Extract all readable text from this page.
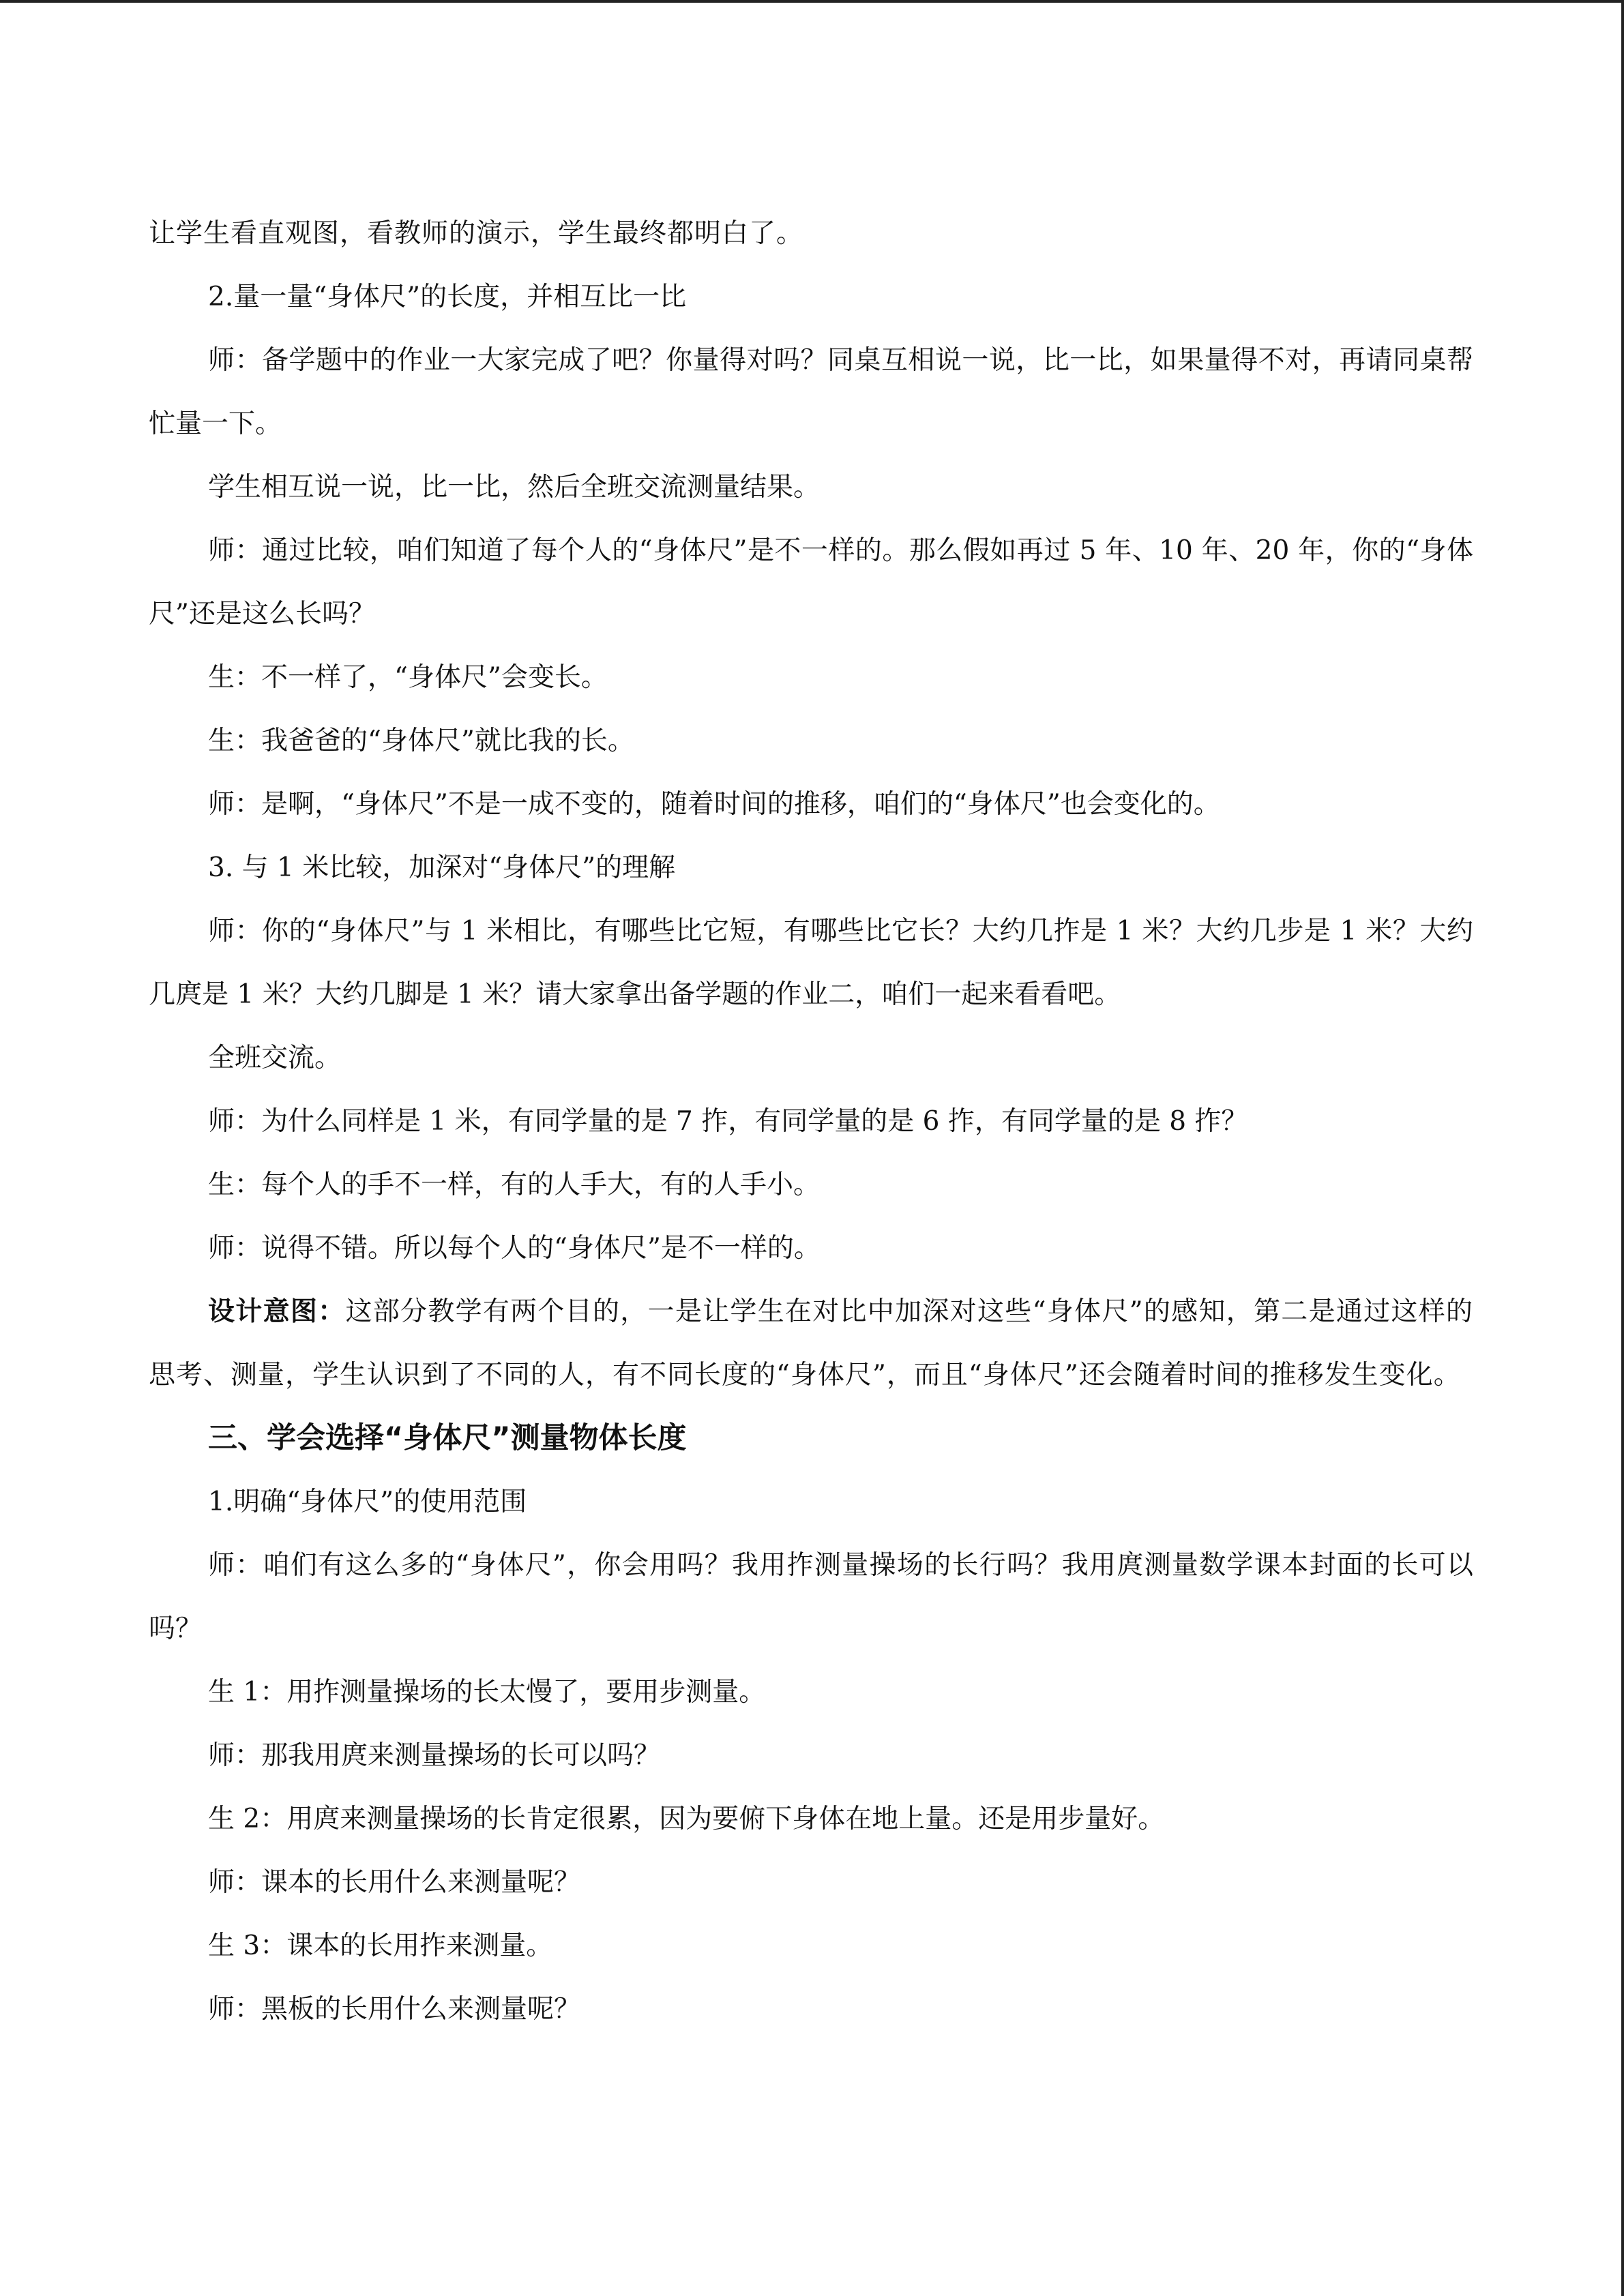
让学生看直观图，看教师的演示，学生最终都明白了。

2.量一量“身体尺”的长度，并相互比一比

师：备学题中的作业一大家完成了吧？你量得对吗？同桌互相说一说，比一比，如果量得不对，再请同桌帮忙量一下。

学生相互说一说，比一比，然后全班交流测量结果。

师：通过比较，咱们知道了每个人的“身体尺”是不一样的。那么假如再过 5 年、10 年、20 年，你的“身体尺”还是这么长吗？

生：不一样了，“身体尺”会变长。

生：我爸爸的“身体尺”就比我的长。

师：是啊，“身体尺”不是一成不变的，随着时间的推移，咱们的“身体尺”也会变化的。

3. 与 1 米比较，加深对“身体尺”的理解

师：你的“身体尺”与 1 米相比，有哪些比它短，有哪些比它长？大约几拃是 1 米？大约几步是 1 米？大约几庹是 1 米？大约几脚是 1 米？请大家拿出备学题的作业二，咱们一起来看看吧。

全班交流。

师：为什么同样是 1 米，有同学量的是 7 拃，有同学量的是 6 拃，有同学量的是 8 拃？

生：每个人的手不一样，有的人手大，有的人手小。

师：说得不错。所以每个人的“身体尺”是不一样的。

设计意图：这部分教学有两个目的，一是让学生在对比中加深对这些“身体尺”的感知，第二是通过这样的思考、测量，学生认识到了不同的人，有不同长度的“身体尺”，而且“身体尺”还会随着时间的推移发生变化。

三、学会选择“身体尺”测量物体长度

1.明确“身体尺”的使用范围

师：咱们有这么多的“身体尺”，你会用吗？我用拃测量操场的长行吗？我用庹测量数学课本封面的长可以吗？

生 1：用拃测量操场的长太慢了，要用步测量。

师：那我用庹来测量操场的长可以吗？

生 2：用庹来测量操场的长肯定很累，因为要俯下身体在地上量。还是用步量好。

师：课本的长用什么来测量呢？

生 3：课本的长用拃来测量。

师：黑板的长用什么来测量呢？
